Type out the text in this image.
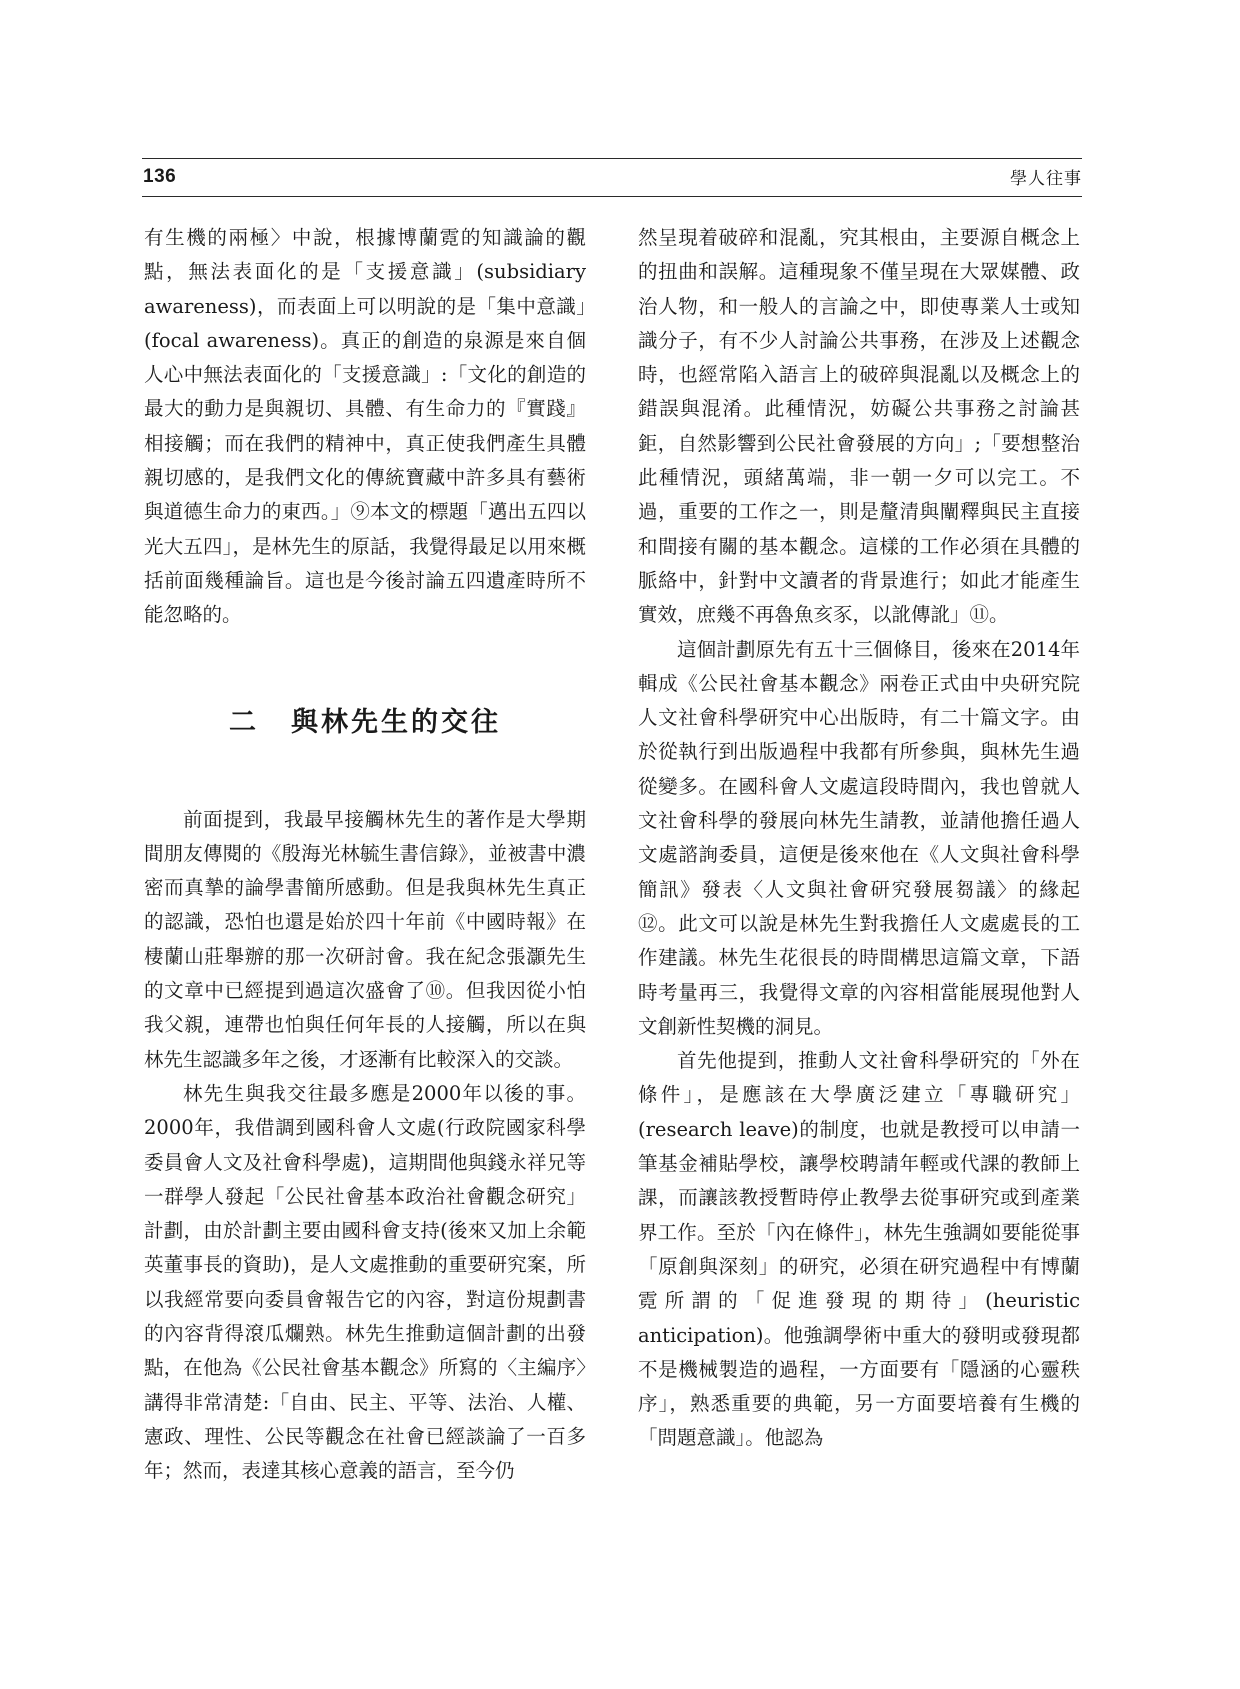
136	學人往事

有生機的兩極〉中說，根據博蘭霓的知識論的觀點，無法表面化的是「支援意識」(subsidiary awareness)，而表面上可以明說的是「集中意識」(focal awareness)。真正的創造的泉源是來自個人心中無法表面化的「支援意識」:「文化的創造的最大的動力是與親切、具體、有生命力的『實踐』相接觸；而在我們的精神中，真正使我們產生具體親切感的，是我們文化的傳統寶藏中許多具有藝術與道德生命力的東西。」⑨本文的標題「邁出五四以光大五四」，是林先生的原話，我覺得最足以用來概括前面幾種論旨。這也是今後討論五四遺產時所不能忽略的。

二 與林先生的交往

前面提到，我最早接觸林先生的著作是大學期間朋友傳閱的《殷海光林毓生書信錄》，並被書中濃密而真摯的論學書簡所感動。但是我與林先生真正的認識，恐怕也還是始於四十年前《中國時報》在棲蘭山莊舉辦的那一次研討會。我在紀念張灝先生的文章中已經提到過這次盛會了⑩。但我因從小怕我父親，連帶也怕與任何年長的人接觸，所以在與林先生認識多年之後，才逐漸有比較深入的交談。

林先生與我交往最多應是2000年以後的事。2000年，我借調到國科會人文處(行政院國家科學委員會人文及社會科學處)，這期間他與錢永祥兄等一群學人發起「公民社會基本政治社會觀念研究」計劃，由於計劃主要由國科會支持(後來又加上余範英董事長的資助)，是人文處推動的重要研究案，所以我經常要向委員會報告它的內容，對這份規劃書的內容背得滾瓜爛熟。林先生推動這個計劃的出發點，在他為《公民社會基本觀念》所寫的〈主編序〉講得非常清楚:「自由、民主、平等、法治、人權、憲政、理性、公民等觀念在社會已經談論了一百多年；然而，表達其核心意義的語言，至今仍

然呈現着破碎和混亂，究其根由，主要源自概念上的扭曲和誤解。這種現象不僅呈現在大眾媒體、政治人物，和一般人的言論之中，即使專業人士或知識分子，有不少人討論公共事務，在涉及上述觀念時，也經常陷入語言上的破碎與混亂以及概念上的錯誤與混淆。此種情況，妨礙公共事務之討論甚鉅，自然影響到公民社會發展的方向」;「要想整治此種情況，頭緒萬端，非一朝一夕可以完工。不過，重要的工作之一，則是釐清與闡釋與民主直接和間接有關的基本觀念。這樣的工作必須在具體的脈絡中，針對中文讀者的背景進行；如此才能產生實效，庶幾不再魯魚亥豕，以訛傳訛」⑪。

這個計劃原先有五十三個條目，後來在2014年輯成《公民社會基本觀念》兩卷正式由中央研究院人文社會科學研究中心出版時，有二十篇文字。由於從執行到出版過程中我都有所參與，與林先生過從變多。在國科會人文處這段時間內，我也曾就人文社會科學的發展向林先生請教，並請他擔任過人文處諮詢委員，這便是後來他在《人文與社會科學簡訊》發表〈人文與社會研究發展芻議〉的緣起⑫。此文可以說是林先生對我擔任人文處處長的工作建議。林先生花很長的時間構思這篇文章，下語時考量再三，我覺得文章的內容相當能展現他對人文創新性契機的洞見。

首先他提到，推動人文社會科學研究的「外在條件」，是應該在大學廣泛建立「專職研究」(research leave)的制度，也就是教授可以申請一筆基金補貼學校，讓學校聘請年輕或代課的教師上課，而讓該教授暫時停止教學去從事研究或到產業界工作。至於「內在條件」，林先生強調如要能從事「原創與深刻」的研究，必須在研究過程中有博蘭霓所謂的「促進發現的期待」(heuristic anticipation)。他強調學術中重大的發明或發現都不是機械製造的過程，一方面要有「隱涵的心靈秩序」，熟悉重要的典範，另一方面要培養有生機的「問題意識」。他認為
